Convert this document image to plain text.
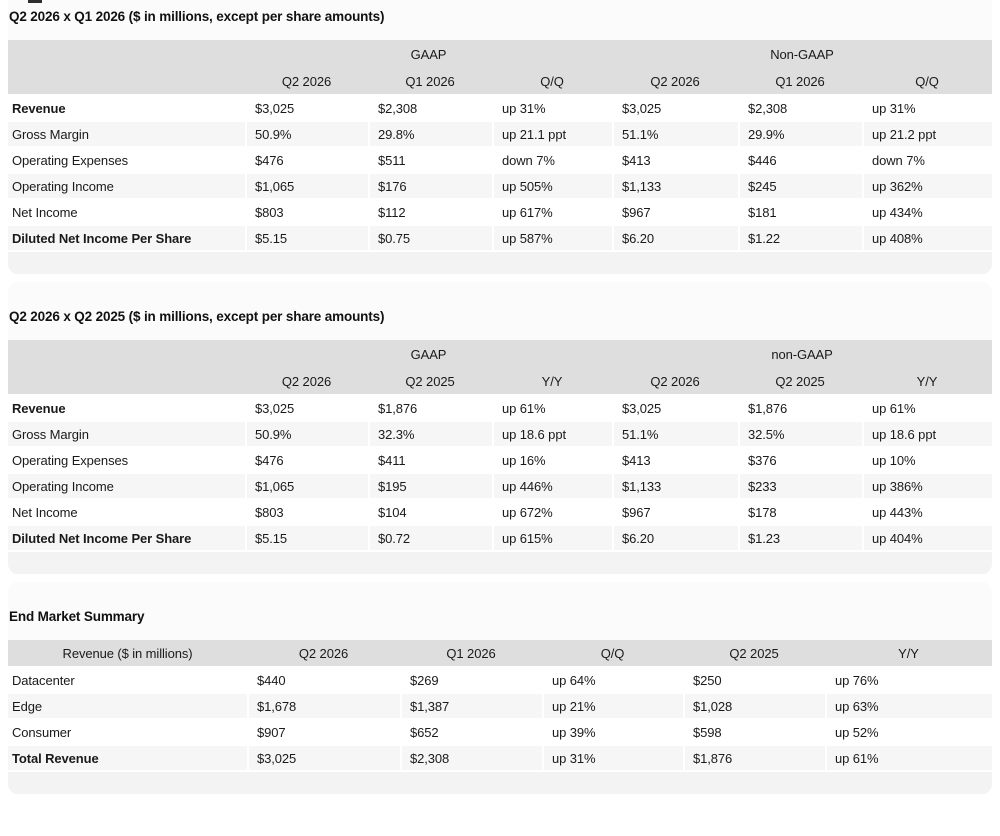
Q2 2026 x Q1 2026 ($ in millions, except per share amounts)
	GAAP			Non-GAAP		
	Q2 2026	Q1 2026	Q/Q	Q2 2026	Q1 2026	Q/Q
Revenue	$3,025	$2,308	up 31%	$3,025	$2,308	up 31%
Gross Margin	50.9%	29.8%	up 21.1 ppt	51.1%	29.9%	up 21.2 ppt
Operating Expenses	$476	$511	down 7%	$413	$446	down 7%
Operating Income	$1,065	$176	up 505%	$1,133	$245	up 362%
Net Income	$803	$112	up 617%	$967	$181	up 434%
Diluted Net Income Per Share	$5.15	$0.75	up 587%	$6.20	$1.22	up 408%
Q2 2026 x Q2 2025 ($ in millions, except per share amounts)
	GAAP			non-GAAP		
	Q2 2026	Q2 2025	Y/Y	Q2 2026	Q2 2025	Y/Y
Revenue	$3,025	$1,876	up 61%	$3,025	$1,876	up 61%
Gross Margin	50.9%	32.3%	up 18.6 ppt	51.1%	32.5%	up 18.6 ppt
Operating Expenses	$476	$411	up 16%	$413	$376	up 10%
Operating Income	$1,065	$195	up 446%	$1,133	$233	up 386%
Net Income	$803	$104	up 672%	$967	$178	up 443%
Diluted Net Income Per Share	$5.15	$0.72	up 615%	$6.20	$1.23	up 404%
End Market Summary
Revenue ($ in millions)	Q2 2026	Q1 2026	Q/Q	Q2 2025	Y/Y
Datacenter	$440	$269	up 64%	$250	up 76%
Edge	$1,678	$1,387	up 21%	$1,028	up 63%
Consumer	$907	$652	up 39%	$598	up 52%
Total Revenue	$3,025	$2,308	up 31%	$1,876	up 61%
